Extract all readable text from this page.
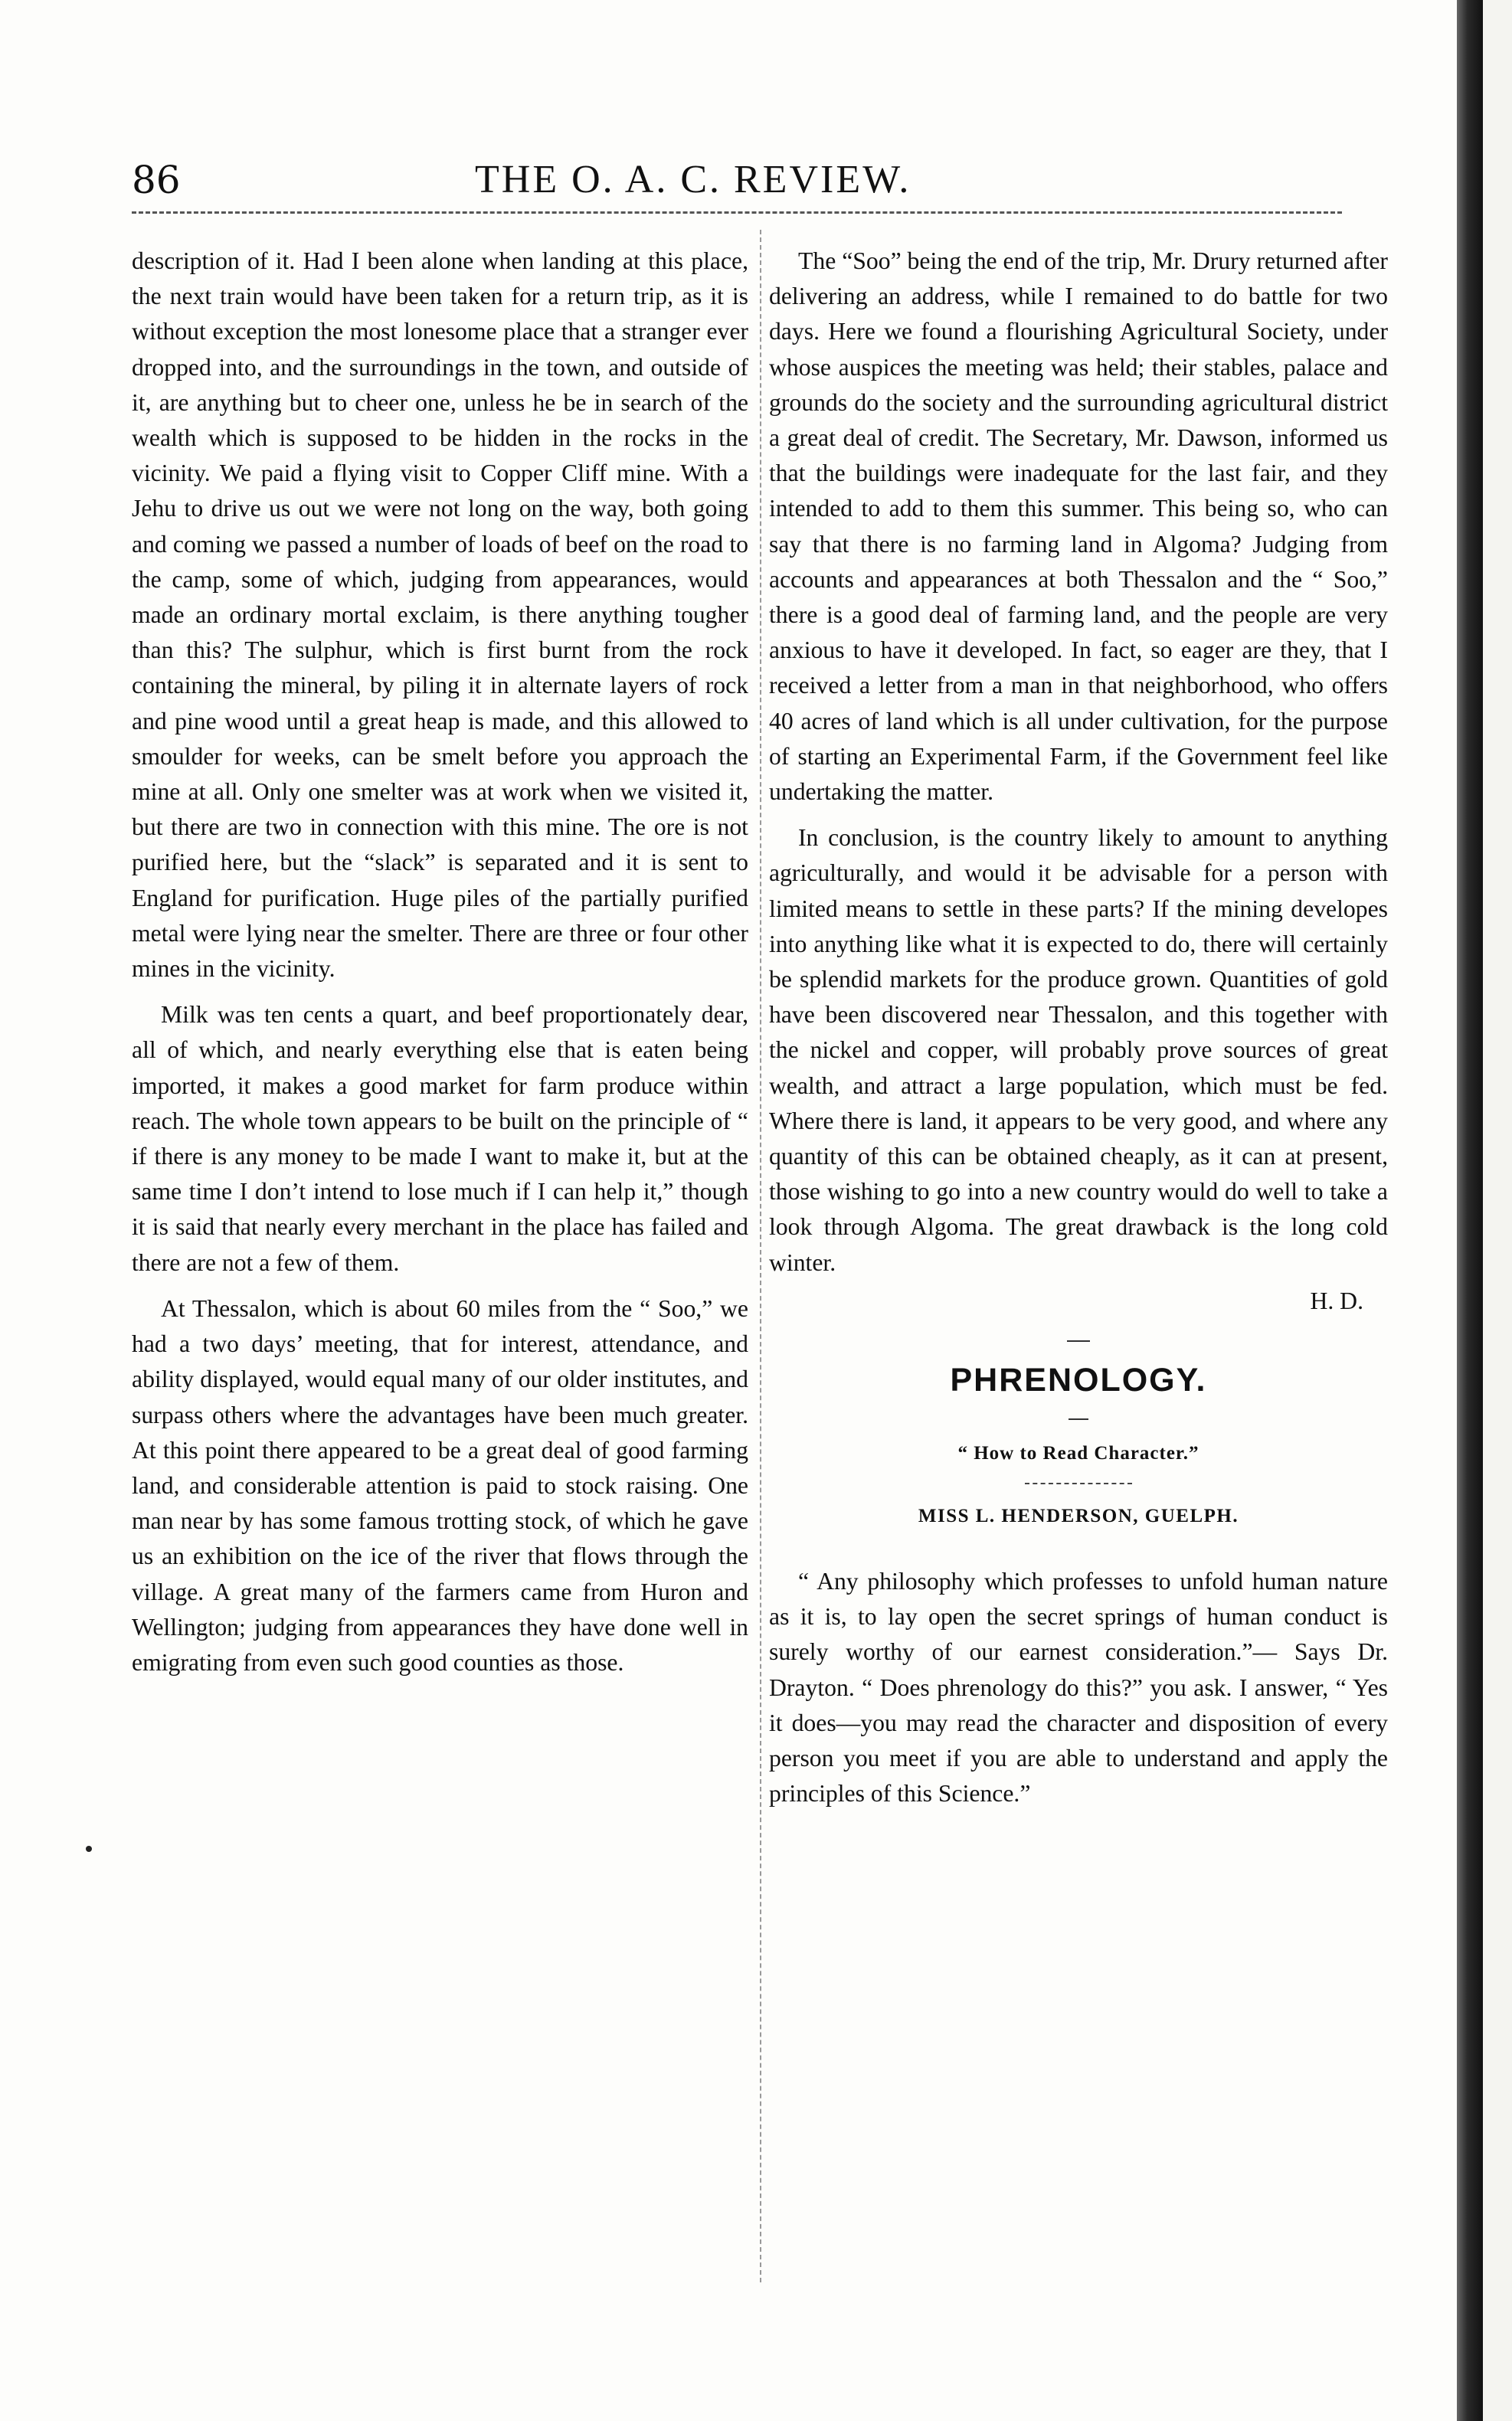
86	THE O. A. C. REVIEW.

description of it. Had I been alone when landing at this place, the next train would have been taken for a return trip, as it is without exception the most lonesome place that a stranger ever dropped into, and the surroundings in the town, and outside of it, are anything but to cheer one, unless he be in search of the wealth which is supposed to be hidden in the rocks in the vicinity. We paid a flying visit to Copper Cliff mine. With a Jehu to drive us out we were not long on the way, both going and coming we passed a number of loads of beef on the road to the camp, some of which, judging from appearances, would made an ordinary mortal exclaim, is there anything tougher than this? The sulphur, which is first burnt from the rock containing the mineral, by piling it in alternate layers of rock and pine wood until a great heap is made, and this allowed to smoulder for weeks, can be smelt before you approach the mine at all. Only one smelter was at work when we visited it, but there are two in connection with this mine. The ore is not purified here, but the “slack” is separated and it is sent to England for purification. Huge piles of the partially purified metal were lying near the smelter. There are three or four other mines in the vicinity.

Milk was ten cents a quart, and beef proportionately dear, all of which, and nearly everything else that is eaten being imported, it makes a good market for farm produce within reach. The whole town appears to be built on the principle of “ if there is any money to be made I want to make it, but at the same time I don’t intend to lose much if I can help it,” though it is said that nearly every merchant in the place has failed and there are not a few of them.

At Thessalon, which is about 60 miles from the “ Soo,” we had a two days’ meeting, that for interest, attendance, and ability displayed, would equal many of our older institutes, and surpass others where the advantages have been much greater. At this point there appeared to be a great deal of good farming land, and considerable attention is paid to stock raising. One man near by has some famous trotting stock, of which he gave us an exhibition on the ice of the river that flows through the village. A great many of the farmers came from Huron and Wellington; judging from appearances they have done well in emigrating from even such good counties as those.

The “Soo” being the end of the trip, Mr. Drury returned after delivering an address, while I remained to do battle for two days. Here we found a flourishing Agricultural Society, under whose auspices the meeting was held; their stables, palace and grounds do the society and the surrounding agricultural district a great deal of credit. The Secretary, Mr. Dawson, informed us that the buildings were inadequate for the last fair, and they intended to add to them this summer. This being so, who can say that there is no farming land in Algoma? Judging from accounts and appearances at both Thessalon and the “ Soo,” there is a good deal of farming land, and the people are very anxious to have it developed. In fact, so eager are they, that I received a letter from a man in that neighborhood, who offers 40 acres of land which is all under cultivation, for the purpose of starting an Experimental Farm, if the Government feel like undertaking the matter.

In conclusion, is the country likely to amount to anything agriculturally, and would it be advisable for a person with limited means to settle in these parts? If the mining developes into anything like what it is expected to do, there will certainly be splendid markets for the produce grown. Quantities of gold have been discovered near Thessalon, and this together with the nickel and copper, will probably prove sources of great wealth, and attract a large population, which must be fed. Where there is land, it appears to be very good, and where any quantity of this can be obtained cheaply, as it can at present, those wishing to go into a new country would do well to take a look through Algoma. The great drawback is the long cold winter.

H. D.
PHRENOLOGY.
“ How to Read Character.”
MISS L. HENDERSON, GUELPH.

“ Any philosophy which professes to unfold human nature as it is, to lay open the secret springs of human conduct is surely worthy of our earnest consideration.”— Says Dr. Drayton. “ Does phrenology do this?” you ask. I answer, “ Yes it does—you may read the character and disposition of every person you meet if you are able to understand and apply the principles of this Science.”
